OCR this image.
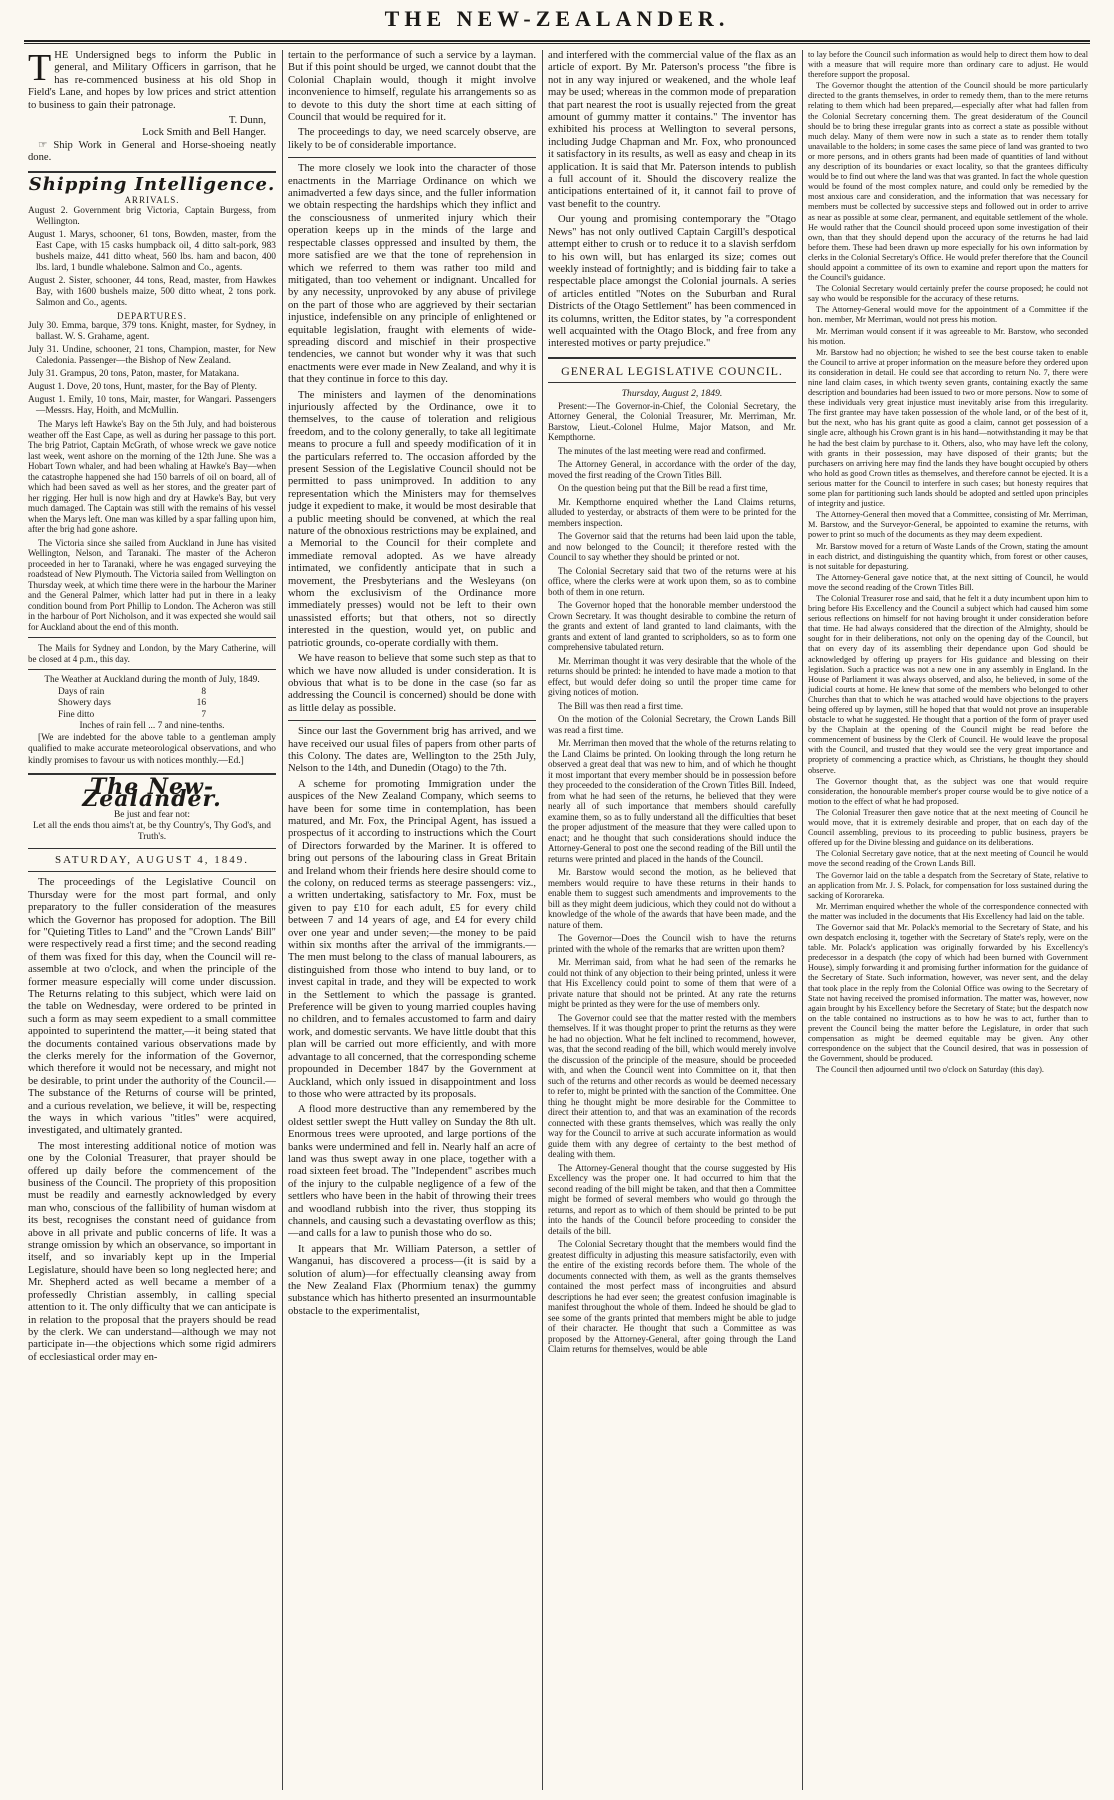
THE NEW-ZEALANDER.

THE Undersigned begs to inform the Public in general, and Military Officers in garrison, that he has re-commenced business at his old Shop in Field's Lane, and hopes by low prices and strict attention to business to gain their patronage.

T. Dunn,
Lock Smith and Bell Hanger.

☞ Ship Work in General and Horse-shoeing neatly done.

Shipping Intelligence.
ARRIVALS.

August 2. Government brig Victoria, Captain Burgess, from Wellington.

August 1. Marys, schooner, 61 tons, Bowden, master, from the East Cape, with 15 casks humpback oil, 4 ditto salt-pork, 983 bushels maize, 441 ditto wheat, 560 lbs. ham and bacon, 400 lbs. lard, 1 bundle whalebone. Salmon and Co., agents.

August 2. Sister, schooner, 44 tons, Read, master, from Hawkes Bay, with 1600 bushels maize, 500 ditto wheat, 2 tons pork. Salmon and Co., agents.

DEPARTURES.

July 30. Emma, barque, 379 tons. Knight, master, for Sydney, in ballast. W. S. Grahame, agent.

July 31. Undine, schooner, 21 tons, Champion, master, for New Caledonia. Passenger—the Bishop of New Zealand.

July 31. Grampus, 20 tons, Paton, master, for Matakana.

August 1. Dove, 20 tons, Hunt, master, for the Bay of Plenty.

August 1. Emily, 10 tons, Mair, master, for Wangari. Passengers—Messrs. Hay, Hoith, and McMullin.

The Marys left Hawke's Bay on the 5th July, and had boisterous weather off the East Cape, as well as during her passage to this port. The brig Patriot, Captain McGrath, of whose wreck we gave notice last week, went ashore on the morning of the 12th June. She was a Hobart Town whaler, and had been whaling at Hawke's Bay—when the catastrophe happened she had 150 barrels of oil on board, all of which had been saved as well as her stores, and the greater part of her rigging. Her hull is now high and dry at Hawke's Bay, but very much damaged. The Captain was still with the remains of his vessel when the Marys left. One man was killed by a spar falling upon him, after the brig had gone ashore.

The Victoria since she sailed from Auckland in June has visited Wellington, Nelson, and Taranaki. The master of the Acheron proceeded in her to Taranaki, where he was engaged surveying the roadstead of New Plymouth. The Victoria sailed from Wellington on Thursday week, at which time there were in the harbour the Mariner and the General Palmer, which latter had put in there in a leaky condition bound from Port Phillip to London. The Acheron was still in the harbour of Port Nicholson, and it was expected she would sail for Auckland about the end of this month.

The Mails for Sydney and London, by the Mary Catherine, will be closed at 4 p.m., this day.

The Weather at Auckland during the month of July, 1849.
Days of rain	8
Showery days	16
Fine ditto	7
Inches of rain fell ... 7 and nine-tenths.

[We are indebted for the above table to a gentleman amply qualified to make accurate meteorological observations, and who kindly promises to favour us with notices monthly.—Ed.]

The New-Zealander.
Be just and fear not:
Let all the ends thou aims't at, be thy Country's, Thy God's, and Truth's.
SATURDAY, AUGUST 4, 1849.

The proceedings of the Legislative Council on Thursday were for the most part formal, and only preparatory to the fuller consideration of the measures which the Governor has proposed for adoption. The Bill for "Quieting Titles to Land" and the "Crown Lands' Bill" were respectively read a first time; and the second reading of them was fixed for this day, when the Council will re-assemble at two o'clock, and when the principle of the former measure especially will come under discussion. The Returns relating to this subject, which were laid on the table on Wednesday, were ordered to be printed in such a form as may seem expedient to a small committee appointed to superintend the matter,—it being stated that the documents contained various observations made by the clerks merely for the information of the Governor, which therefore it would not be necessary, and might not be desirable, to print under the authority of the Council.—The substance of the Returns of course will be printed, and a curious revelation, we believe, it will be, respecting the ways in which various "titles" were acquired, investigated, and ultimately granted.

The most interesting additional notice of motion was one by the Colonial Treasurer, that prayer should be offered up daily before the commencement of the business of the Council. The propriety of this proposition must be readily and earnestly acknowledged by every man who, conscious of the fallibility of human wisdom at its best, recognises the constant need of guidance from above in all private and public concerns of life. It was a strange omission by which an observance, so important in itself, and so invariably kept up in the Imperial Legislature, should have been so long neglected here; and Mr. Shepherd acted as well became a member of a professedly Christian assembly, in calling special attention to it. The only difficulty that we can anticipate is in relation to the proposal that the prayers should be read by the clerk. We can understand—although we may not participate in—the objections which some rigid admirers of ecclesiastical order may en-

tertain to the performance of such a service by a layman. But if this point should be urged, we cannot doubt that the Colonial Chaplain would, though it might involve inconvenience to himself, regulate his arrangements so as to devote to this duty the short time at each sitting of Council that would be required for it.

The proceedings to day, we need scarcely observe, are likely to be of considerable importance.

The more closely we look into the character of those enactments in the Marriage Ordinance on which we animadverted a few days since, and the fuller information we obtain respecting the hardships which they inflict and the consciousness of unmerited injury which their operation keeps up in the minds of the large and respectable classes oppressed and insulted by them, the more satisfied are we that the tone of reprehension in which we referred to them was rather too mild and mitigated, than too vehement or indignant. Uncalled for by any necessity, unprovoked by any abuse of privilege on the part of those who are aggrieved by their sectarian injustice, indefensible on any principle of enlightened or equitable legislation, fraught with elements of wide-spreading discord and mischief in their prospective tendencies, we cannot but wonder why it was that such enactments were ever made in New Zealand, and why it is that they continue in force to this day.

The ministers and laymen of the denominations injuriously affected by the Ordinance, owe it to themselves, to the cause of toleration and religious freedom, and to the colony generally, to take all legitimate means to procure a full and speedy modification of it in the particulars referred to. The occasion afforded by the present Session of the Legislative Council should not be permitted to pass unimproved. In addition to any representation which the Ministers may for themselves judge it expedient to make, it would be most desirable that a public meeting should be convened, at which the real nature of the obnoxious restrictions may be explained, and a Memorial to the Council for their complete and immediate removal adopted. As we have already intimated, we confidently anticipate that in such a movement, the Presbyterians and the Wesleyans (on whom the exclusivism of the Ordinance more immediately presses) would not be left to their own unassisted efforts; but that others, not so directly interested in the question, would yet, on public and patriotic grounds, co-operate cordially with them.

We have reason to believe that some such step as that to which we have now alluded is under consideration. It is obvious that what is to be done in the case (so far as addressing the Council is concerned) should be done with as little delay as possible.

Since our last the Government brig has arrived, and we have received our usual files of papers from other parts of this Colony. The dates are, Wellington to the 25th July, Nelson to the 14th, and Dunedin (Otago) to the 7th.

A scheme for promoting Immigration under the auspices of the New Zealand Company, which seems to have been for some time in contemplation, has been matured, and Mr. Fox, the Principal Agent, has issued a prospectus of it according to instructions which the Court of Directors forwarded by the Mariner. It is offered to bring out persons of the labouring class in Great Britain and Ireland whom their friends here desire should come to the colony, on reduced terms as steerage passengers: viz., a written undertaking, satisfactory to Mr. Fox, must be given to pay £10 for each adult, £5 for every child between 7 and 14 years of age, and £4 for every child over one year and under seven;—the money to be paid within six months after the arrival of the immigrants.—The men must belong to the class of manual labourers, as distinguished from those who intend to buy land, or to invest capital in trade, and they will be expected to work in the Settlement to which the passage is granted. Preference will be given to young married couples having no children, and to females accustomed to farm and dairy work, and domestic servants. We have little doubt that this plan will be carried out more efficiently, and with more advantage to all concerned, that the corresponding scheme propounded in December 1847 by the Government at Auckland, which only issued in disappointment and loss to those who were attracted by its proposals.

A flood more destructive than any remembered by the oldest settler swept the Hutt valley on Sunday the 8th ult. Enormous trees were uprooted, and large portions of the banks were undermined and fell in. Nearly half an acre of land was thus swept away in one place, together with a road sixteen feet broad. The "Independent" ascribes much of the injury to the culpable negligence of a few of the settlers who have been in the habit of throwing their trees and woodland rubbish into the river, thus stopping its channels, and causing such a devastating overflow as this;—and calls for a law to punish those who do so.

It appears that Mr. William Paterson, a settler of Wanganui, has discovered a process—(it is said by a solution of alum)—for effectually cleansing away from the New Zealand Flax (Phormium tenax) the gummy substance which has hitherto presented an insurmountable obstacle to the experimentalist,

and interfered with the commercial value of the flax as an article of export. By Mr. Paterson's process "the fibre is not in any way injured or weakened, and the whole leaf may be used; whereas in the common mode of preparation that part nearest the root is usually rejected from the great amount of gummy matter it contains." The inventor has exhibited his process at Wellington to several persons, including Judge Chapman and Mr. Fox, who pronounced it satisfactory in its results, as well as easy and cheap in its application. It is said that Mr. Paterson intends to publish a full account of it. Should the discovery realize the anticipations entertained of it, it cannot fail to prove of vast benefit to the country.

Our young and promising contemporary the "Otago News" has not only outlived Captain Cargill's despotical attempt either to crush or to reduce it to a slavish serfdom to his own will, but has enlarged its size; comes out weekly instead of fortnightly; and is bidding fair to take a respectable place amongst the Colonial journals. A series of articles entitled "Notes on the Suburban and Rural Districts of the Otago Settlement" has been commenced in its columns, written, the Editor states, by "a correspondent well acquainted with the Otago Block, and free from any interested motives or party prejudice."

GENERAL LEGISLATIVE COUNCIL.
Thursday, August 2, 1849.

Present:—The Governor-in-Chief, the Colonial Secretary, the Attorney General, the Colonial Treasurer, Mr. Merriman, Mr. Barstow, Lieut.-Colonel Hulme, Major Matson, and Mr. Kempthorne.

The minutes of the last meeting were read and confirmed.

The Attorney General, in accordance with the order of the day, moved the first reading of the Crown Titles Bill.

On the question being put that the Bill be read a first time,

Mr. Kempthorne enquired whether the Land Claims returns, alluded to yesterday, or abstracts of them were to be printed for the members inspection.

The Governor said that the returns had been laid upon the table, and now belonged to the Council; it therefore rested with the Council to say whether they should be printed or not.

The Colonial Secretary said that two of the returns were at his office, where the clerks were at work upon them, so as to combine both of them in one return.

The Governor hoped that the honorable member understood the Crown Secretary. It was thought desirable to combine the return of the grants and extent of land granted to land claimants, with the grants and extent of land granted to scripholders, so as to form one comprehensive tabulated return.

Mr. Merriman thought it was very desirable that the whole of the returns should be printed: he intended to have made a motion to that effect, but would defer doing so until the proper time came for giving notices of motion.

The Bill was then read a first time.

On the motion of the Colonial Secretary, the Crown Lands Bill was read a first time.

Mr. Merriman then moved that the whole of the returns relating to the Land Claims be printed. On looking through the long return he observed a great deal that was new to him, and of which he thought it most important that every member should be in possession before they proceeded to the consideration of the Crown Titles Bill. Indeed, from what he had seen of the returns, he believed that they were nearly all of such importance that members should carefully examine them, so as to fully understand all the difficulties that beset the proper adjustment of the measure that they were called upon to enact; and he thought that such considerations should induce the Attorney-General to post one the second reading of the Bill until the returns were printed and placed in the hands of the Council.

Mr. Barstow would second the motion, as he believed that members would require to have these returns in their hands to enable them to suggest such amendments and improvements to the bill as they might deem judicious, which they could not do without a knowledge of the whole of the awards that have been made, and the nature of them.

The Governor—Does the Council wish to have the returns printed with the whole of the remarks that are written upon them?

Mr. Merriman said, from what he had seen of the remarks he could not think of any objection to their being printed, unless it were that His Excellency could point to some of them that were of a private nature that should not be printed. At any rate the returns might be printed as they were for the use of members only.

The Governor could see that the matter rested with the members themselves. If it was thought proper to print the returns as they were he had no objection. What he felt inclined to recommend, however, was, that the second reading of the bill, which would merely involve the discussion of the principle of the measure, should be proceeded with, and when the Council went into Committee on it, that then such of the returns and other records as would be deemed necessary to refer to, might be printed with the sanction of the Committee. One thing he thought might be more desirable for the Committee to direct their attention to, and that was an examination of the records connected with these grants themselves, which was really the only way for the Council to arrive at such accurate information as would guide them with any degree of certainty to the best method of dealing with them.

The Attorney-General thought that the course suggested by His Excellency was the proper one. It had occurred to him that the second reading of the bill might be taken, and that then a Committee might be formed of several members who would go through the returns, and report as to which of them should be printed to be put into the hands of the Council before proceeding to consider the details of the bill.

The Colonial Secretary thought that the members would find the greatest difficulty in adjusting this measure satisfactorily, even with the entire of the existing records before them. The whole of the documents connected with them, as well as the grants themselves contained the most perfect mass of incongruities and absurd descriptions he had ever seen; the greatest confusion imaginable is manifest throughout the whole of them. Indeed he should be glad to see some of the grants printed that members might be able to judge of their character. He thought that such a Committee as was proposed by the Attorney-General, after going through the Land Claim returns for themselves, would be able

to lay before the Council such information as would help to direct them how to deal with a measure that will require more than ordinary care to adjust. He would therefore support the proposal.

The Governor thought the attention of the Council should be more particularly directed to the grants themselves, in order to remedy them, than to the mere returns relating to them which had been prepared,—especially after what had fallen from the Colonial Secretary concerning them. The great desideratum of the Council should be to bring these irregular grants into as correct a state as possible without much delay. Many of them were now in such a state as to render them totally unavailable to the holders; in some cases the same piece of land was granted to two or more persons, and in others grants had been made of quantities of land without any description of its boundaries or exact locality, so that the grantees difficulty would be to find out where the land was that was granted. In fact the whole question would be found of the most complex nature, and could only be remedied by the most anxious care and consideration, and the information that was necessary for members must be collected by successive steps and followed out in order to arrive as near as possible at some clear, permanent, and equitable settlement of the whole. He would rather that the Council should proceed upon some investigation of their own, than that they should depend upon the accuracy of the returns he had laid before them. These had been drawn up more especially for his own information by clerks in the Colonial Secretary's Office. He would prefer therefore that the Council should appoint a committee of its own to examine and report upon the matters for the Council's guidance.

The Colonial Secretary would certainly prefer the course proposed; he could not say who would be responsible for the accuracy of these returns.

The Attorney-General would move for the appointment of a Committee if the hon. member, Mr Merriman, would not press his motion.

Mr. Merriman would consent if it was agreeable to Mr. Barstow, who seconded his motion.

Mr. Barstow had no objection; he wished to see the best course taken to enable the Council to arrive at proper information on the measure before they ordered upon its consideration in detail. He could see that according to return No. 7, there were nine land claim cases, in which twenty seven grants, containing exactly the same description and boundaries had been issued to two or more persons. Now to some of these individuals very great injustice must inevitably arise from this irregularity. The first grantee may have taken possession of the whole land, or of the best of it, but the next, who has his grant quite as good a claim, cannot get possession of a single acre, although his Crown grant is in his hand—notwithstanding it may be that he had the best claim by purchase to it. Others, also, who may have left the colony, with grants in their possession, may have disposed of their grants; but the purchasers on arriving here may find the lands they have bought occupied by others who hold as good Crown titles as themselves, and therefore cannot be ejected. It is a serious matter for the Council to interfere in such cases; but honesty requires that some plan for partitioning such lands should be adopted and settled upon principles of integrity and justice.

The Attorney-General then moved that a Committee, consisting of Mr. Merriman, M. Barstow, and the Surveyor-General, be appointed to examine the returns, with power to print so much of the documents as they may deem expedient.

Mr. Barstow moved for a return of Waste Lands of the Crown, stating the amount in each district, and distinguishing the quantity which, from forest or other causes, is not suitable for depasturing.

The Attorney-General gave notice that, at the next sitting of Council, he would move the second reading of the Crown Titles Bill.

The Colonial Treasurer rose and said, that he felt it a duty incumbent upon him to bring before His Excellency and the Council a subject which had caused him some serious reflections on himself for not having brought it under consideration before that time. He had always considered that the direction of the Almighty, should be sought for in their deliberations, not only on the opening day of the Council, but that on every day of its assembling their dependance upon God should be acknowledged by offering up prayers for His guidance and blessing on their legislation. Such a practice was not a new one in any assembly in England. In the House of Parliament it was always observed, and also, he believed, in some of the judicial courts at home. He knew that some of the members who belonged to other Churches than that to which he was attached would have objections to the prayers being offered up by laymen, still he hoped that that would not prove an insuperable obstacle to what he suggested. He thought that a portion of the form of prayer used by the Chaplain at the opening of the Council might be read before the commencement of business by the Clerk of Council. He would leave the proposal with the Council, and trusted that they would see the very great importance and propriety of commencing a practice which, as Christians, he thought they should observe.

The Governor thought that, as the subject was one that would require consideration, the honourable member's proper course would be to give notice of a motion to the effect of what he had proposed.

The Colonial Treasurer then gave notice that at the next meeting of Council he would move, that it is extremely desirable and proper, that on each day of the Council assembling, previous to its proceeding to public business, prayers be offered up for the Divine blessing and guidance on its deliberations.

The Colonial Secretary gave notice, that at the next meeting of Council he would move the second reading of the Crown Lands Bill.

The Governor laid on the table a despatch from the Secretary of State, relative to an application from Mr. J. S. Polack, for compensation for loss sustained during the sacking of Kororareka.

Mr. Merriman enquired whether the whole of the correspondence connected with the matter was included in the documents that His Excellency had laid on the table.

The Governor said that Mr. Polack's memorial to the Secretary of State, and his own despatch enclosing it, together with the Secretary of State's reply, were on the table. Mr. Polack's application was originally forwarded by his Excellency's predecessor in a despatch (the copy of which had been burned with Government House), simply forwarding it and promising further information for the guidance of the Secretary of State. Such information, however, was never sent, and the delay that took place in the reply from the Colonial Office was owing to the Secretary of State not having received the promised information. The matter was, however, now again brought by his Excellency before the Secretary of State; but the despatch now on the table contained no instructions as to how he was to act, further than to prevent the Council being the matter before the Legislature, in order that such compensation as might be deemed equitable may be given. Any other correspondence on the subject that the Council desired, that was in possession of the Government, should be produced.

The Council then adjourned until two o'clock on Saturday (this day).
